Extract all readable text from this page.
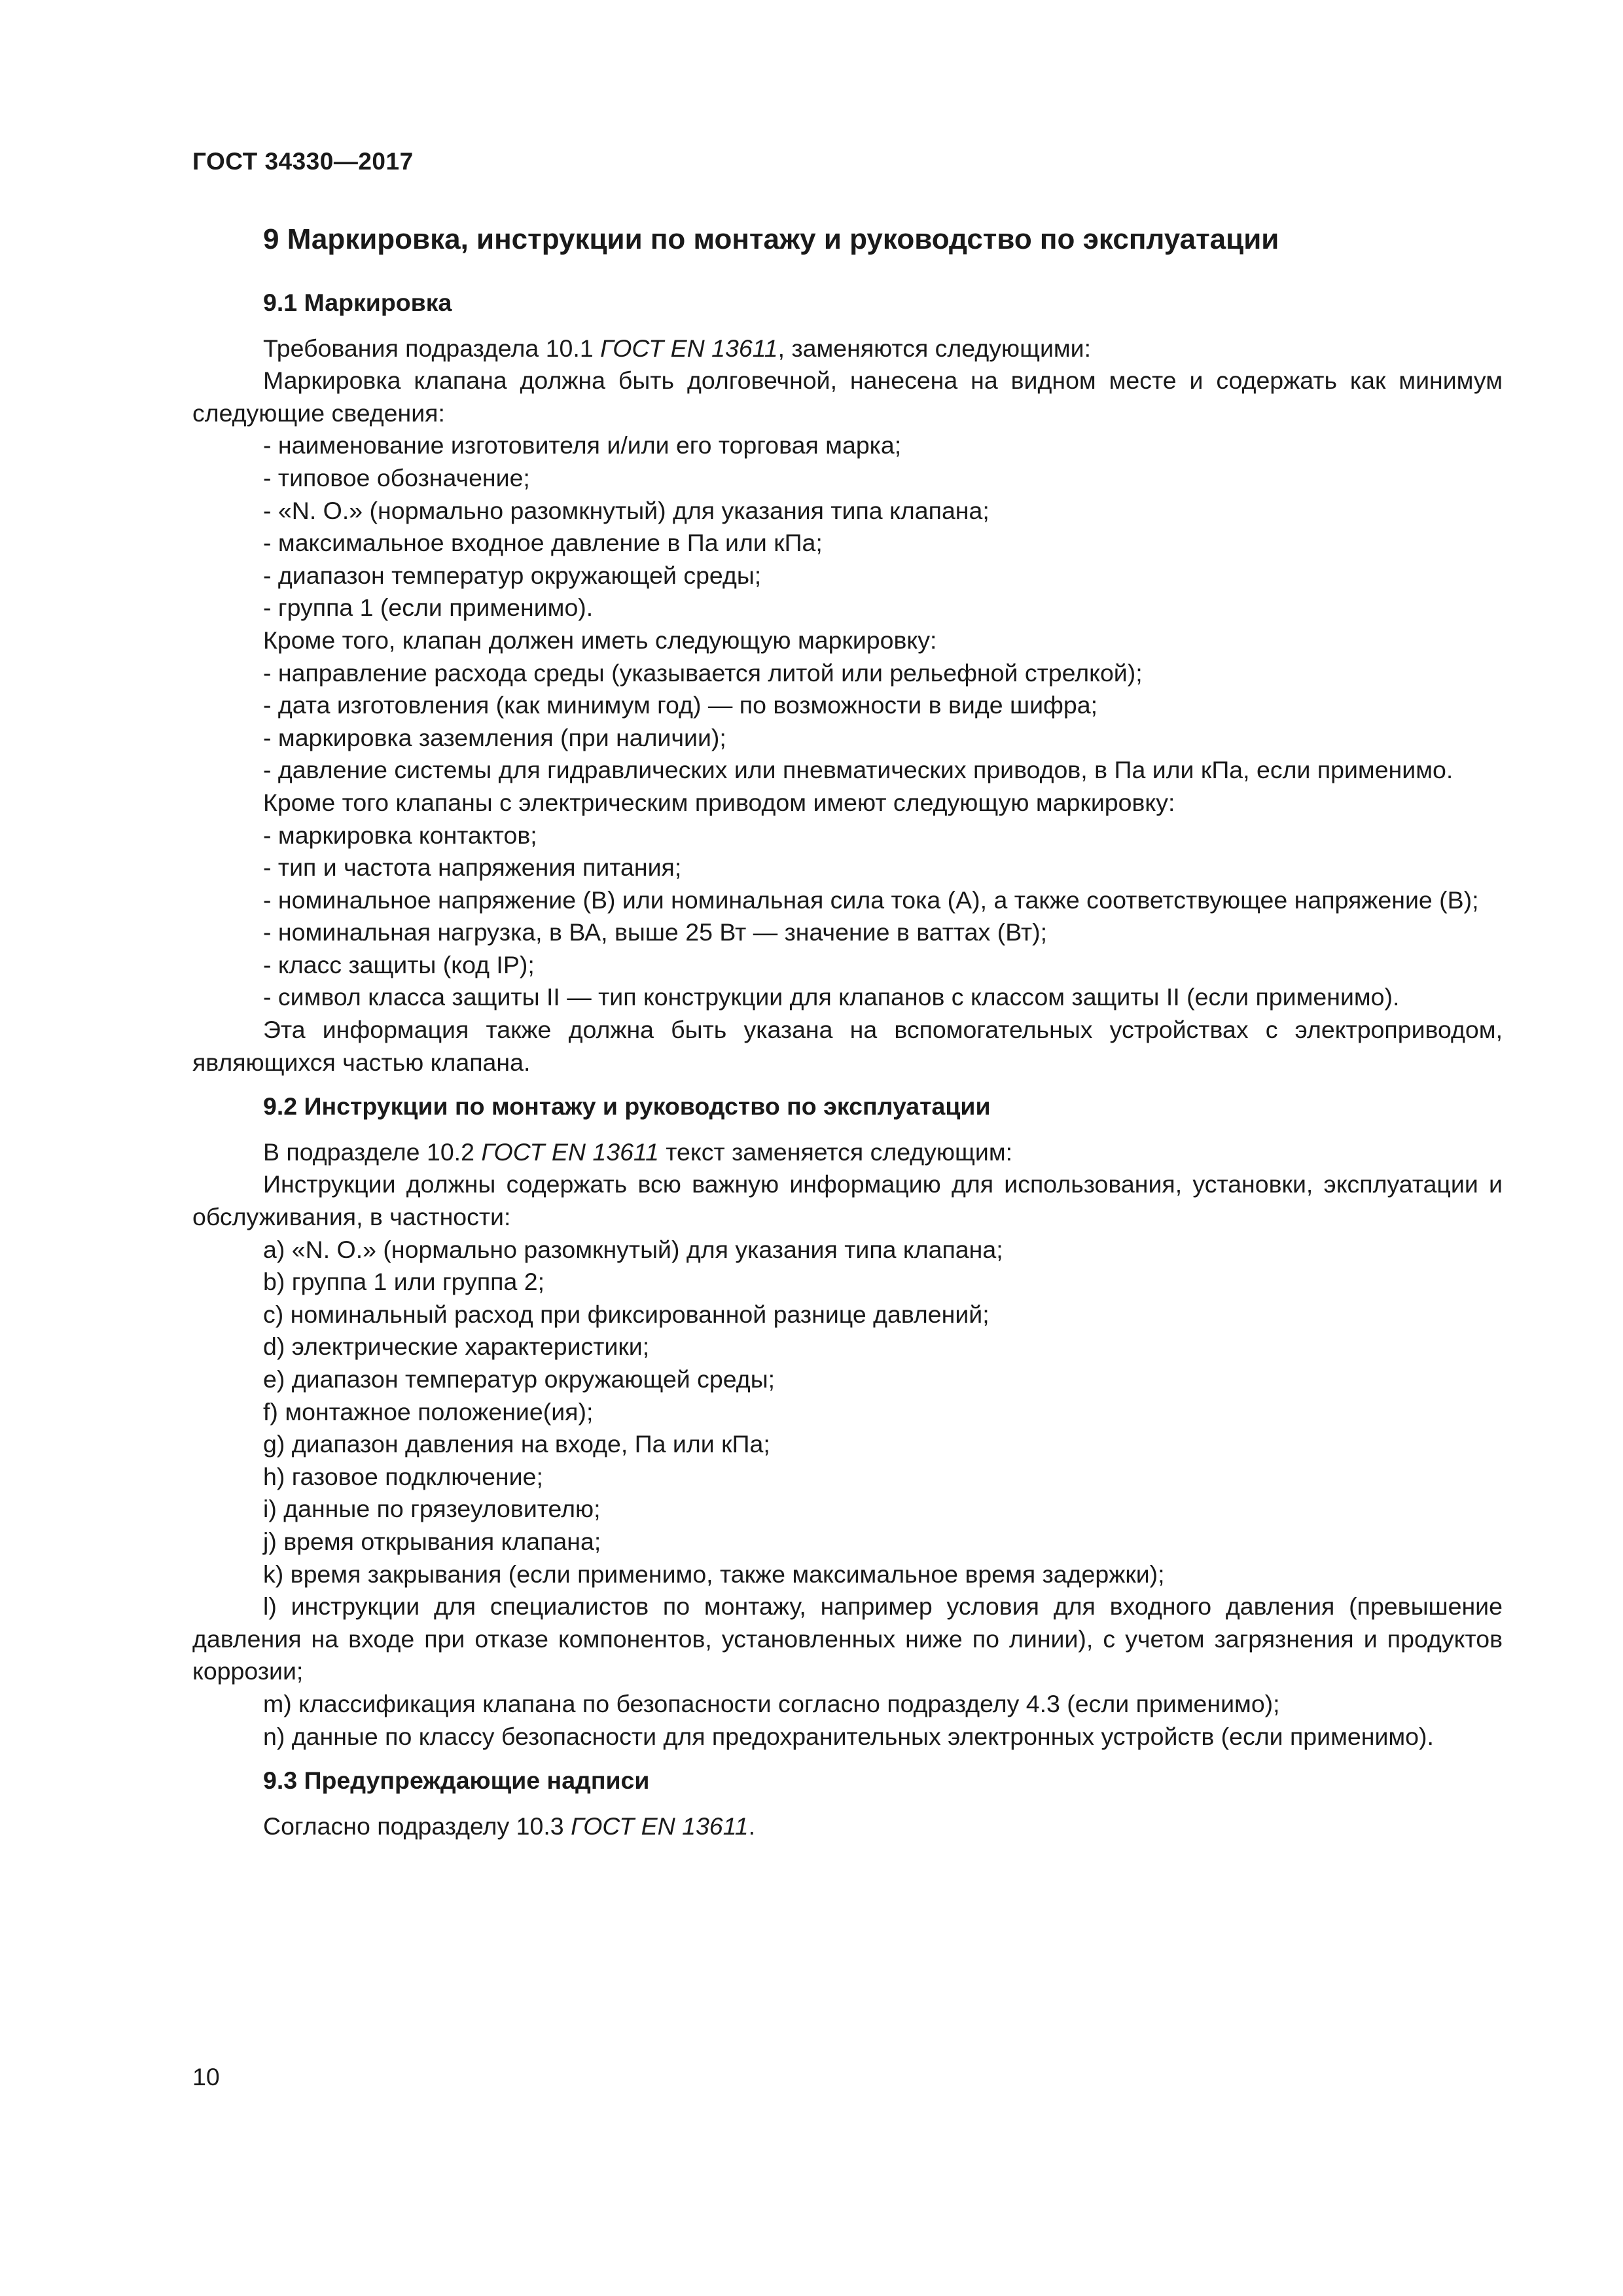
ГОСТ 34330—2017
9 Маркировка, инструкции по монтажу и руководство по эксплуатации
9.1 Маркировка

Требования подраздела 10.1 ГОСТ EN 13611, заменяются следующими:

Маркировка клапана должна быть долговечной, нанесена на видном месте и содержать как минимум следующие сведения:

- наименование изготовителя и/или его торговая марка;

- типовое обозначение;

- «N. O.» (нормально разомкнутый) для указания типа клапана;

- максимальное входное давление в Па или кПа;

- диапазон температур окружающей среды;

- группа 1 (если применимо).

Кроме того, клапан должен иметь следующую маркировку:

- направление расхода среды (указывается литой или рельефной стрелкой);

- дата изготовления (как минимум год) — по возможности в виде шифра;

- маркировка заземления (при наличии);

- давление системы для гидравлических или пневматических приводов, в Па или кПа, если применимо.

Кроме того клапаны с электрическим приводом имеют следующую маркировку:

- маркировка контактов;

- тип и частота напряжения питания;

- номинальное напряжение (В) или номинальная сила тока (А), а также соответствующее напряжение (В);

- номинальная нагрузка, в ВА, выше 25 Вт — значение в ваттах (Вт);

- класс защиты (код IP);

- символ класса защиты II — тип конструкции для клапанов с классом защиты II (если применимо).

Эта информация также должна быть указана на вспомогательных устройствах с электроприводом, являющихся частью клапана.

9.2 Инструкции по монтажу и руководство по эксплуатации

В подразделе 10.2 ГОСТ EN 13611 текст заменяется следующим:

Инструкции должны содержать всю важную информацию для использования, установки, эксплуатации и обслуживания, в частности:

a) «N. O.» (нормально разомкнутый) для указания типа клапана;

b) группа 1 или группа 2;

c) номинальный расход при фиксированной разнице давлений;

d) электрические характеристики;

e) диапазон температур окружающей среды;

f) монтажное положение(ия);

g) диапазон давления на входе, Па или кПа;

h) газовое подключение;

i) данные по грязеуловителю;

j) время открывания клапана;

k) время закрывания (если применимо, также максимальное время задержки);

l) инструкции для специалистов по монтажу, например условия для входного давления (превышение давления на входе при отказе компонентов, установленных ниже по линии), с учетом загрязнения и продуктов коррозии;

m) классификация клапана по безопасности согласно подразделу 4.3 (если применимо);

n) данные по классу безопасности для предохранительных электронных устройств (если применимо).

9.3 Предупреждающие надписи

Согласно подразделу 10.3 ГОСТ EN 13611.

10
